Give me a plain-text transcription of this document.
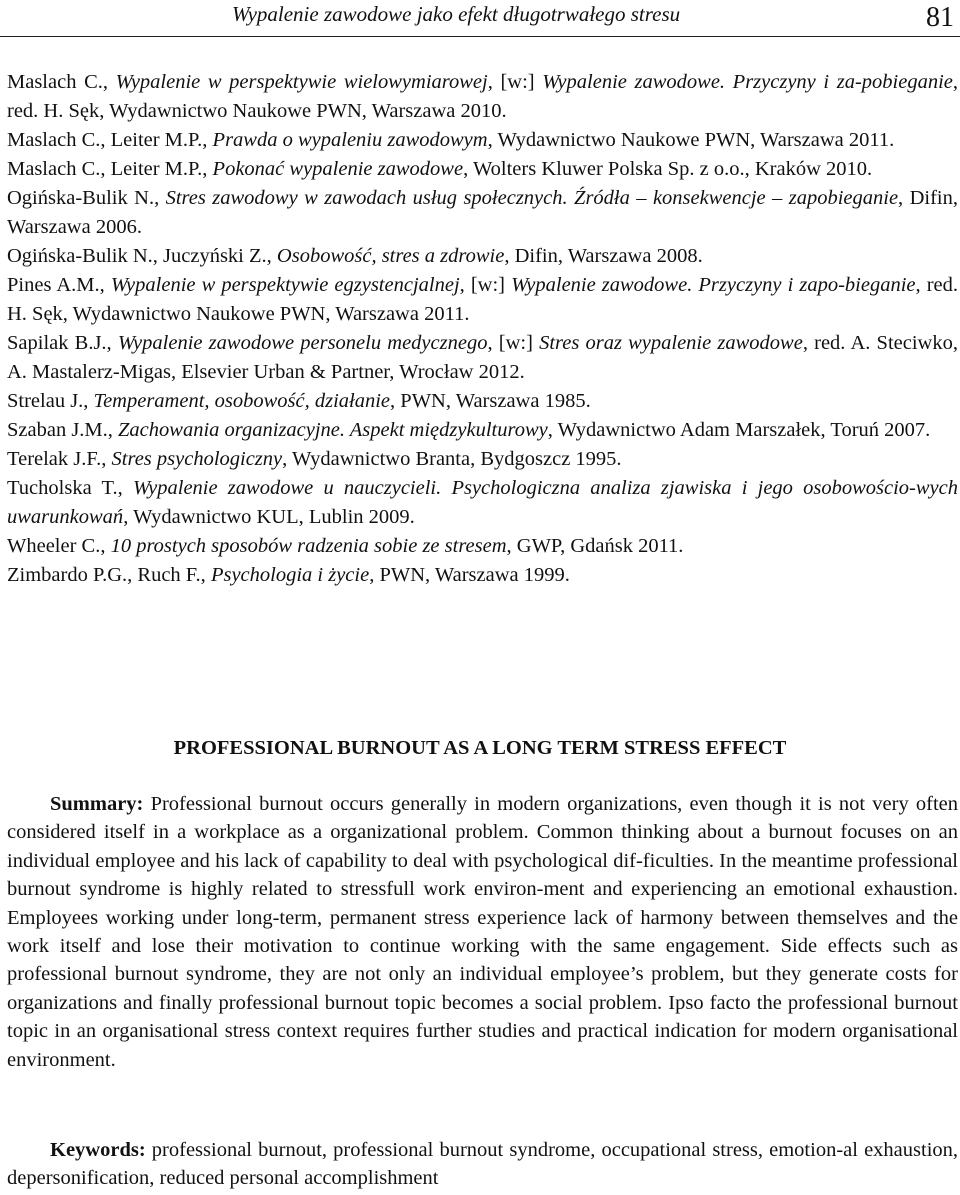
Wypalenie zawodowe jako efekt długotrwałego stresu	81

Maslach C., Wypalenie w perspektywie wielowymiarowej, [w:] Wypalenie zawodowe. Przyczyny i za-pobieganie, red. H. Sęk, Wydawnictwo Naukowe PWN, Warszawa 2010.

Maslach C., Leiter M.P., Prawda o wypaleniu zawodowym, Wydawnictwo Naukowe PWN, Warszawa 2011.

Maslach C., Leiter M.P., Pokonać wypalenie zawodowe, Wolters Kluwer Polska Sp. z o.o., Kraków 2010.

Ogińska-Bulik N., Stres zawodowy w zawodach usług społecznych. Źródła – konsekwencje – zapobieganie, Difin, Warszawa 2006.

Ogińska-Bulik N., Juczyński Z., Osobowość, stres a zdrowie, Difin, Warszawa 2008.

Pines A.M., Wypalenie w perspektywie egzystencjalnej, [w:] Wypalenie zawodowe. Przyczyny i zapo-bieganie, red. H. Sęk, Wydawnictwo Naukowe PWN, Warszawa 2011.

Sapilak B.J., Wypalenie zawodowe personelu medycznego, [w:] Stres oraz wypalenie zawodowe, red. A. Steciwko, A. Mastalerz-Migas, Elsevier Urban & Partner, Wrocław 2012.

Strelau J., Temperament, osobowość, działanie, PWN, Warszawa 1985.

Szaban J.M., Zachowania organizacyjne. Aspekt międzykulturowy, Wydawnictwo Adam Marszałek, Toruń 2007.

Terelak J.F., Stres psychologiczny, Wydawnictwo Branta, Bydgoszcz 1995.

Tucholska T., Wypalenie zawodowe u nauczycieli. Psychologiczna analiza zjawiska i jego osobowościo-wych uwarunkowań, Wydawnictwo KUL, Lublin 2009.

Wheeler C., 10 prostych sposobów radzenia sobie ze stresem, GWP, Gdańsk 2011.

Zimbardo P.G., Ruch F., Psychologia i życie, PWN, Warszawa 1999.

PROFESSIONAL BURNOUT AS A LONG TERM STRESS EFFECT

Summary: Professional burnout occurs generally in modern organizations, even though it is not very often considered itself in a workplace as a organizational problem. Common thinking about a burnout focuses on an individual employee and his lack of capability to deal with psychological dif-ficulties. In the meantime professional burnout syndrome is highly related to stressfull work environ-ment and experiencing an emotional exhaustion. Employees working under long-term, permanent stress experience lack of harmony between themselves and the work itself and lose their motivation to continue working with the same engagement. Side effects such as professional burnout syndrome, they are not only an individual employee’s problem, but they generate costs for organizations and finally professional burnout topic becomes a social problem. Ipso facto the professional burnout topic in an organisational stress context requires further studies and practical indication for modern organisational environment.

Keywords: professional burnout, professional burnout syndrome, occupational stress, emotion-al exhaustion, depersonification, reduced personal accomplishment
